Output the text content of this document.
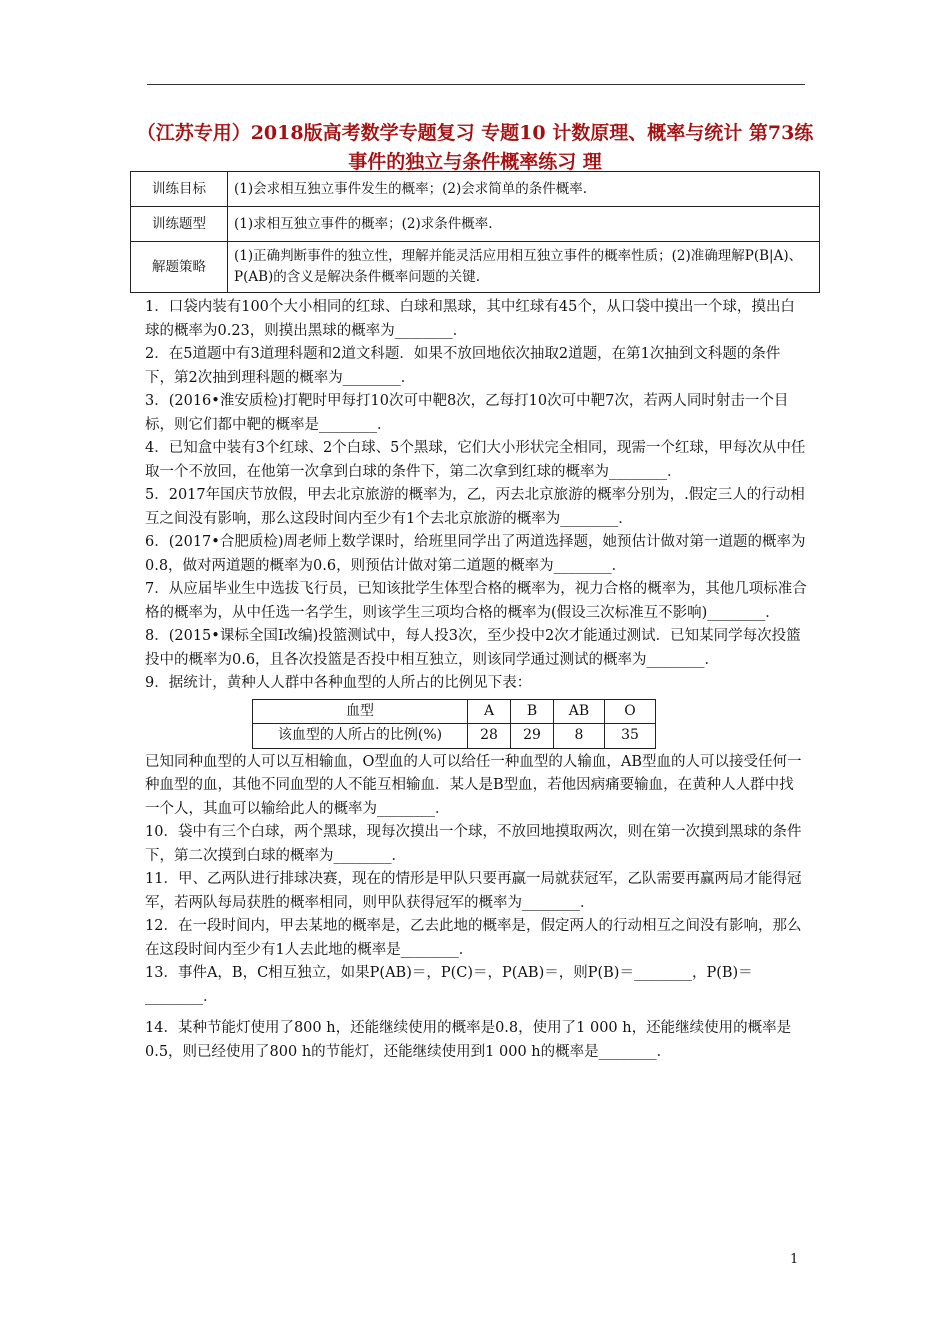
（江苏专用）2018版高考数学专题复习 专题10 计数原理、概率与统计 第73练 事件的独立与条件概率练习 理
训练目标	(1)会求相互独立事件发生的概率；(2)会求简单的条件概率.
训练题型	(1)求相互独立事件的概率；(2)求条件概率.
解题策略	(1)正确判断事件的独立性，理解并能灵活应用相互独立事件的概率性质；(2)准确理解P(B|A)、P(AB)的含义是解决条件概率问题的关键.

1．口袋内装有100个大小相同的红球、白球和黑球，其中红球有45个，从口袋中摸出一个球，摸出白球的概率为0.23，则摸出黑球的概率为________．

2．在5道题中有3道理科题和2道文科题．如果不放回地依次抽取2道题，在第1次抽到文科题的条件下，第2次抽到理科题的概率为________．

3．(2016•淮安质检)打靶时甲每打10次可中靶8次，乙每打10次可中靶7次，若两人同时射击一个目标，则它们都中靶的概率是________．

4．已知盒中装有3个红球、2个白球、5个黑球，它们大小形状完全相同，现需一个红球，甲每次从中任取一个不放回，在他第一次拿到白球的条件下，第二次拿到红球的概率为________．

5．2017年国庆节放假，甲去北京旅游的概率为，乙，丙去北京旅游的概率分别为，.假定三人的行动相互之间没有影响，那么这段时间内至少有1个去北京旅游的概率为________．

6．(2017•合肥质检)周老师上数学课时，给班里同学出了两道选择题，她预估计做对第一道题的概率为0.8，做对两道题的概率为0.6，则预估计做对第二道题的概率为________．

7．从应届毕业生中选拔飞行员，已知该批学生体型合格的概率为，视力合格的概率为，其他几项标准合格的概率为，从中任选一名学生，则该学生三项均合格的概率为(假设三次标准互不影响)________．

8．(2015•课标全国Ⅰ改编)投篮测试中，每人投3次，至少投中2次才能通过测试．已知某同学每次投篮投中的概率为0.6，且各次投篮是否投中相互独立，则该同学通过测试的概率为________．

9．据统计，黄种人人群中各种血型的人所占的比例见下表：

血型	A	B	AB	O
该血型的人所占的比例(%)	28	29	8	35

已知同种血型的人可以互相输血，O型血的人可以给任一种血型的人输血，AB型血的人可以接受任何一种血型的血，其他不同血型的人不能互相输血．某人是B型血，若他因病痛要输血，在黄种人人群中找一个人，其血可以输给此人的概率为________．

10．袋中有三个白球，两个黑球，现每次摸出一个球，不放回地摸取两次，则在第一次摸到黑球的条件下，第二次摸到白球的概率为________．

11．甲、乙两队进行排球决赛，现在的情形是甲队只要再赢一局就获冠军，乙队需要再赢两局才能得冠军，若两队每局获胜的概率相同，则甲队获得冠军的概率为________．

12．在一段时间内，甲去某地的概率是，乙去此地的概率是，假定两人的行动相互之间没有影响，那么在这段时间内至少有1人去此地的概率是________．

13．事件A，B，C相互独立，如果P(AB)＝，P(C)＝，P(AB)＝，则P(B)＝________，P(B)＝________．

14．某种节能灯使用了800 h，还能继续使用的概率是0.8，使用了1 000 h，还能继续使用的概率是0.5，则已经使用了800 h的节能灯，还能继续使用到1 000 h的概率是________．

1
